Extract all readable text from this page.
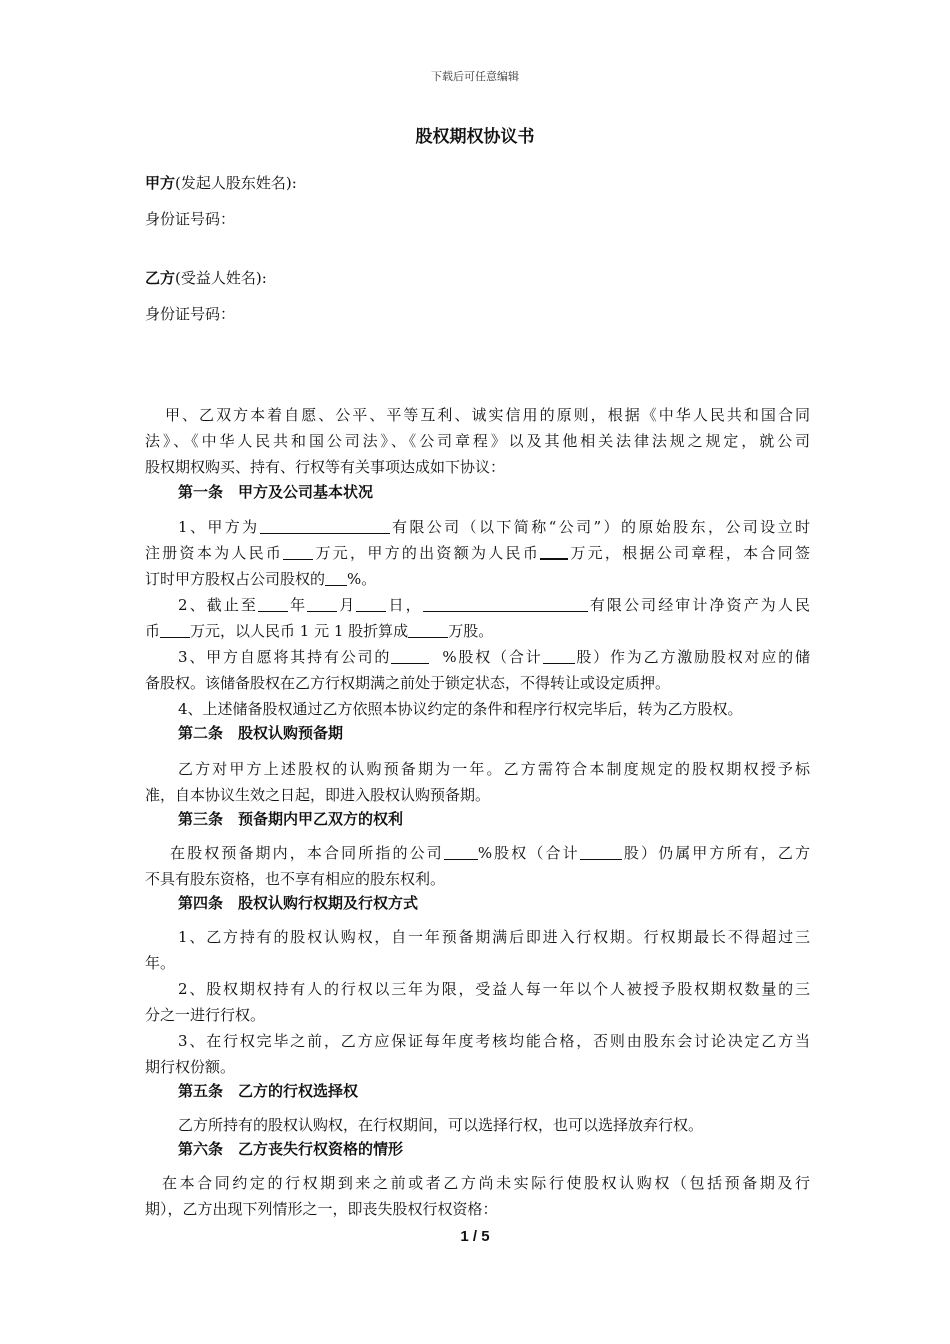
下载后可任意编辑
股权期权协议书
甲方(发起人股东姓名):
身份证号码：
乙方(受益人姓名):
身份证号码：
甲、乙双方本着自愿、公平、平等互利、诚实信用的原则，根据《中华人民共和国合同
法》、《中华人民共和国公司法》、《公司章程》以及其他相关法律法规之规定，就公司
股权期权购买、持有、行权等有关事项达成如下协议：
第一条　甲方及公司基本状况
1、甲方为	有限公司（以下简称“公司”）的原始股东，公司设立时
注册资本为人民币 万元，甲方的出资额为人民币 万元，根据公司章程，本合同签
订时甲方股权占公司股权的 %。
2、截止至 年 月 日，	有限公司经审计净资产为人民
币 万元，以人民币 1 元 1 股折算成	万股。
3、甲方自愿将其持有公司的	%股权（合计 股）作为乙方激励股权对应的储
备股权。该储备股权在乙方行权期满之前处于锁定状态，不得转让或设定质押。
4、上述储备股权通过乙方依照本协议约定的条件和程序行权完毕后，转为乙方股权。
第二条　股权认购预备期
乙方对甲方上述股权的认购预备期为一年。乙方需符合本制度规定的股权期权授予标
准，自本协议生效之日起，即进入股权认购预备期。
第三条　预备期内甲乙双方的权利
在股权预备期内，本合同所指的公司 %股权（合计	股）仍属甲方所有，乙方
不具有股东资格，也不享有相应的股东权利。
第四条　股权认购行权期及行权方式
1、乙方持有的股权认购权，自一年预备期满后即进入行权期。行权期最长不得超过三
年。
2、股权期权持有人的行权以三年为限，受益人每一年以个人被授予股权期权数量的三
分之一进行行权。
3、在行权完毕之前，乙方应保证每年度考核均能合格，否则由股东会讨论决定乙方当
期行权份额。
第五条　乙方的行权选择权
乙方所持有的股权认购权，在行权期间，可以选择行权，也可以选择放弃行权。
第六条　乙方丧失行权资格的情形
在本合同约定的行权期到来之前或者乙方尚未实际行使股权认购权（包括预备期及行
期），乙方出现下列情形之一，即丧失股权行权资格：
1 / 5
